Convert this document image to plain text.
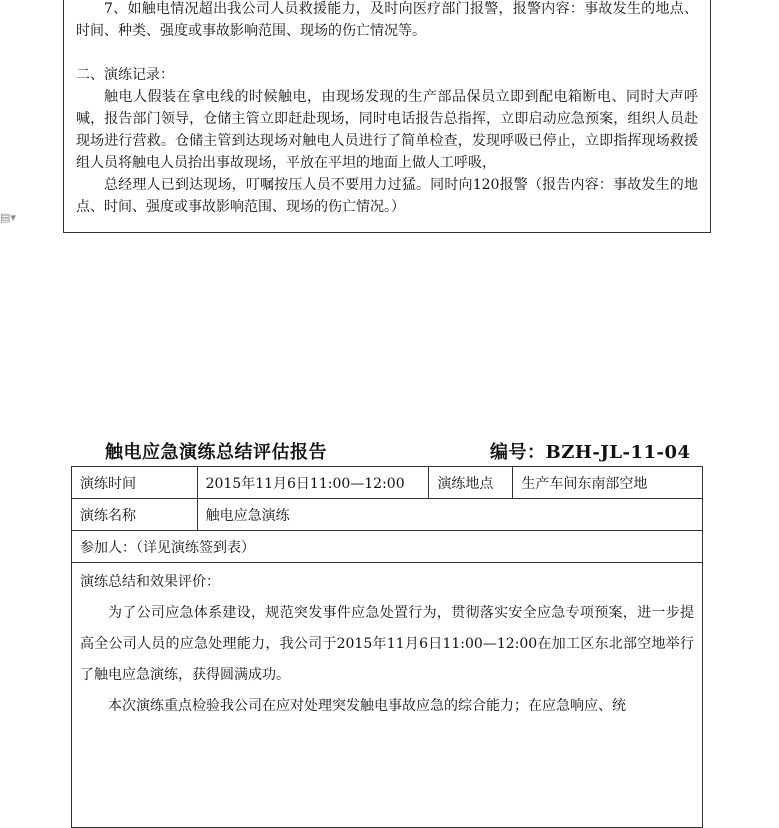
▤▾

7、如触电情况超出我公司人员救援能力，及时向医疗部门报警，报警内容：事故发生的地点、时间、种类、强度或事故影响范围、现场的伤亡情况等。

二、演练记录：

触电人假装在拿电线的时候触电，由现场发现的生产部品保员立即到配电箱断电、同时大声呼喊，报告部门领导，仓储主管立即赶赴现场，同时电话报告总指挥，立即启动应急预案，组织人员赴现场进行营救。仓储主管到达现场对触电人员进行了简单检查，发现呼吸已停止，立即指挥现场救援组人员将触电人员抬出事故现场，平放在平坦的地面上做人工呼吸，

总经理人已到达现场，叮嘱按压人员不要用力过猛。同时向120报警（报告内容：事故发生的地点、时间、强度或事故影响范围、现场的伤亡情况。）

触电应急演练总结评估报告	编号：BZH-JL-11-04
演练时间	2015年11月6日11:00—12:00	演练地点	生产车间东南部空地
演练名称	触电应急演练		
参加人：（详见演练签到表）			

演练总结和效果评价：

为了公司应急体系建设，规范突发事件应急处置行为，贯彻落实安全应急专项预案，进一步提高全公司人员的应急处理能力，我公司于2015年11月6日11:00—12:00在加工区东北部空地举行了触电应急演练，获得圆满成功。

本次演练重点检验我公司在应对处理突发触电事故应急的综合能力；在应急响应、统			
